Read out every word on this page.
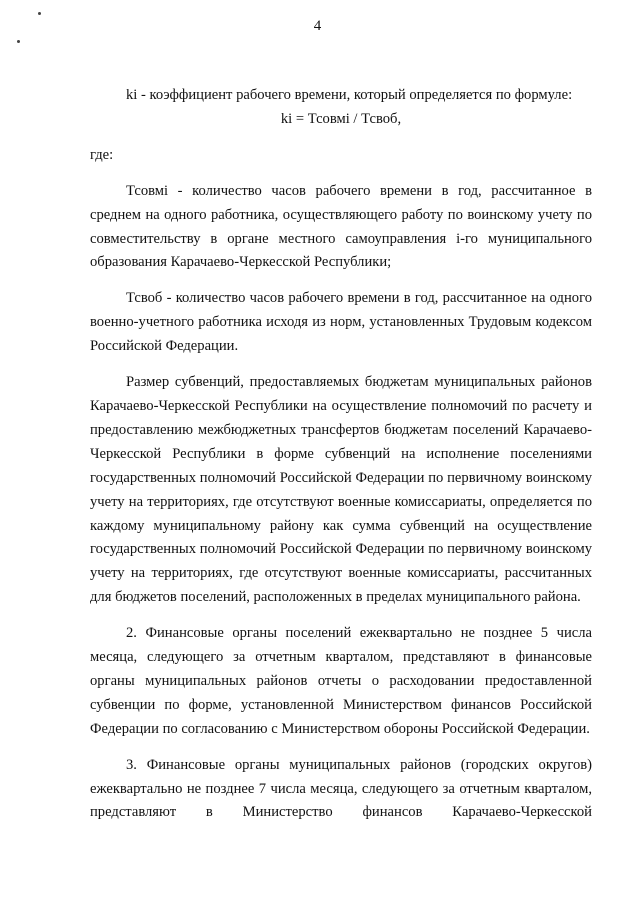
4

ki - коэффициент рабочего времени, который определяется по формуле:

ki = Тсовмi / Тсвоб,

где:

Тсовмi - количество часов рабочего времени в год, рассчитанное в среднем на одного работника, осуществляющего работу по воинскому учету по совместительству в органе местного самоуправления i-го муниципального образования Карачаево-Черкесской Республики;

Тсвоб - количество часов рабочего времени в год, рассчитанное на одного военно-учетного работника исходя из норм, установленных Трудовым кодексом Российской Федерации.

Размер субвенций, предоставляемых бюджетам муниципальных районов Карачаево-Черкесской Республики на осуществление полномочий по расчету и предоставлению межбюджетных трансфертов бюджетам поселений Карачаево-Черкесской Республики в форме субвенций на исполнение поселениями государственных полномочий Российской Федерации по первичному воинскому учету на территориях, где отсутствуют военные комиссариаты, определяется по каждому муниципальному району как сумма субвенций на осуществление государственных полномочий Российской Федерации по первичному воинскому учету на территориях, где отсутствуют военные комиссариаты, рассчитанных для бюджетов поселений, расположенных в пределах муниципального района.

2. Финансовые органы поселений ежеквартально не позднее 5 числа месяца, следующего за отчетным кварталом, представляют в финансовые органы муниципальных районов отчеты о расходовании предоставленной субвенции по форме, установленной Министерством финансов Российской Федерации по согласованию с Министерством обороны Российской Федерации.

3. Финансовые органы муниципальных районов (городских округов) ежеквартально не позднее 7 числа месяца, следующего за отчетным кварталом, представляют в Министерство финансов Карачаево-Черкесской
